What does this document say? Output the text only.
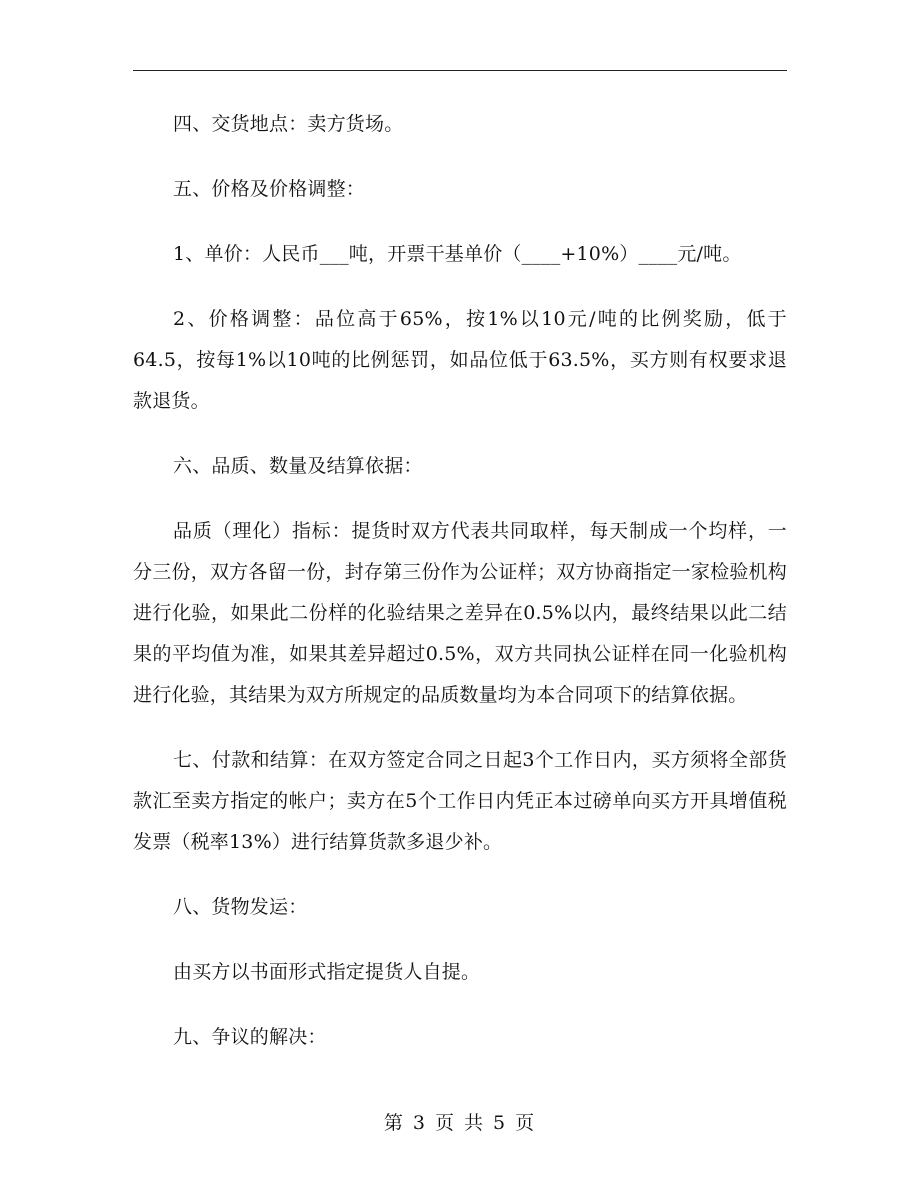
四、交货地点：卖方货场。

五、价格及价格调整：

1、单价：人民币___吨，开票干基单价（____+10%）____元/吨。

2、价格调整：品位高于65%，按1%以10元/吨的比例奖励，低于64.5，按每1%以10吨的比例惩罚，如品位低于63.5%，买方则有权要求退款退货。

六、品质、数量及结算依据：

品质（理化）指标：提货时双方代表共同取样，每天制成一个均样，一分三份，双方各留一份，封存第三份作为公证样；双方协商指定一家检验机构进行化验，如果此二份样的化验结果之差异在0.5%以内，最终结果以此二结果的平均值为准，如果其差异超过0.5%，双方共同执公证样在同一化验机构进行化验，其结果为双方所规定的品质数量均为本合同项下的结算依据。

七、付款和结算：在双方签定合同之日起3个工作日内，买方须将全部货款汇至卖方指定的帐户；卖方在5个工作日内凭正本过磅单向买方开具增值税发票（税率13%）进行结算货款多退少补。

八、货物发运：

由买方以书面形式指定提货人自提。

九、争议的解决：

第 3 页 共 5 页
